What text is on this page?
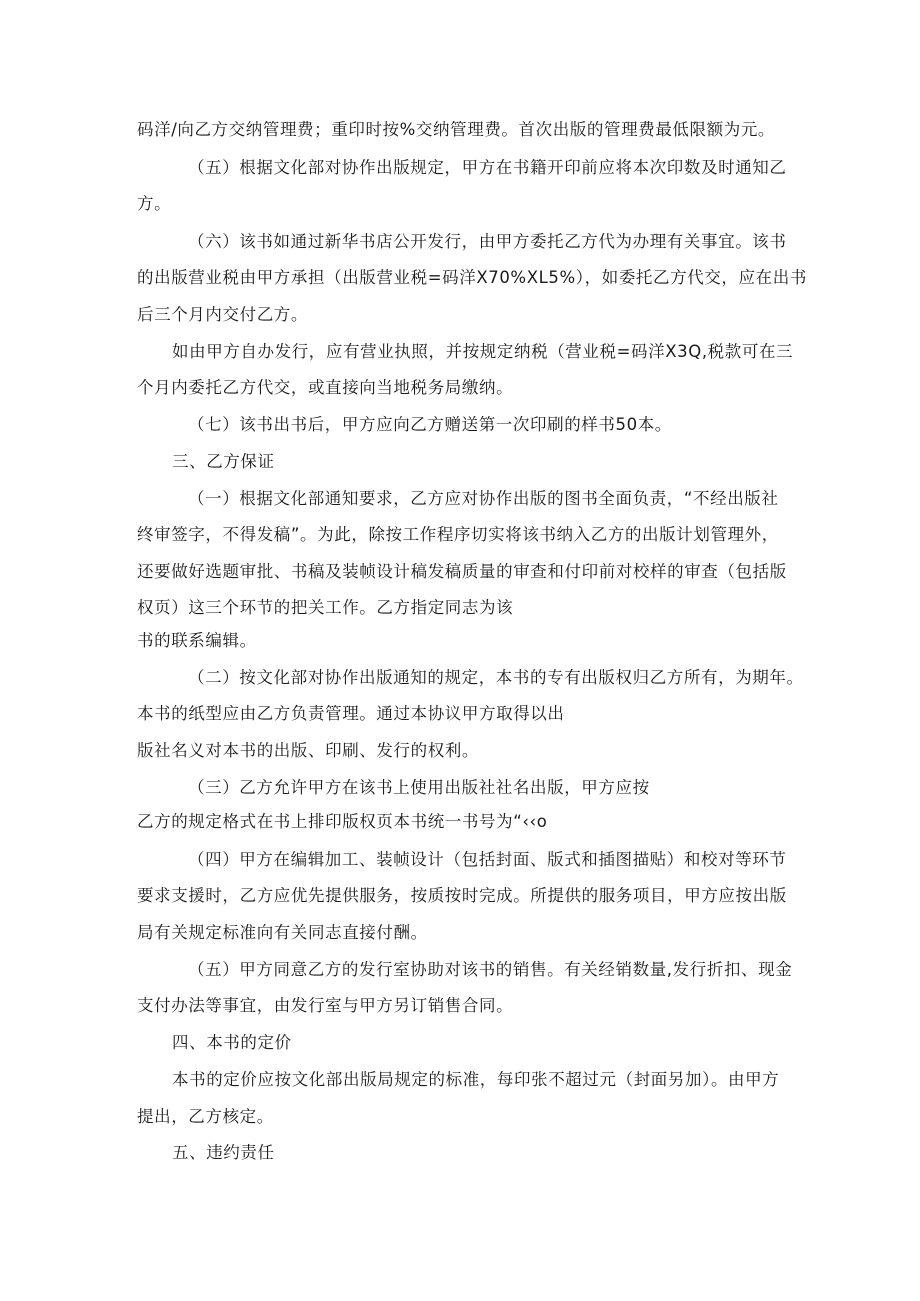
码洋/向乙方交纳管理费；重印时按%交纳管理费。首次出版的管理费最低限额为元。
（五）根据文化部对协作出版规定，甲方在书籍开印前应将本次印数及时通知乙
方。
（六）该书如通过新华书店公开发行，由甲方委托乙方代为办理有关事宜。该书
的出版营业税由甲方承担（出版营业税=码洋X70%XL5%），如委托乙方代交，应在出书
后三个月内交付乙方。
如由甲方自办发行，应有营业执照，并按规定纳税（营业税=码洋X3Q,税款可在三
个月内委托乙方代交，或直接向当地税务局缴纳。
（七）该书出书后，甲方应向乙方赠送第一次印刷的样书50本。
三、乙方保证
（一）根据文化部通知要求，乙方应对协作出版的图书全面负责，“不经出版社
终审签字，不得发稿”。为此，除按工作程序切实将该书纳入乙方的出版计划管理外，
还要做好选题审批、书稿及装帧设计稿发稿质量的审查和付印前对校样的审查（包括版
权页）这三个环节的把关工作。乙方指定同志为该
书的联系编辑。
（二）按文化部对协作出版通知的规定，本书的专有出版权归乙方所有，为期年。
本书的纸型应由乙方负责管理。通过本协议甲方取得以出
版社名义对本书的出版、印刷、发行的权利。
（三）乙方允许甲方在该书上使用出版社社名出版，甲方应按
乙方的规定格式在书上排印版权页本书统一书号为“‹‹o
（四）甲方在编辑加工、装帧设计（包括封面、版式和插图描贴）和校对等环节
要求支援时，乙方应优先提供服务，按质按时完成。所提供的服务项目，甲方应按出版
局有关规定标准向有关同志直接付酬。
（五）甲方同意乙方的发行室协助对该书的销售。有关经销数量,发行折扣、现金
支付办法等事宜，由发行室与甲方另订销售合同。
四、本书的定价
本书的定价应按文化部出版局规定的标准，每印张不超过元（封面另加）。由甲方
提出，乙方核定。
五、违约责任
